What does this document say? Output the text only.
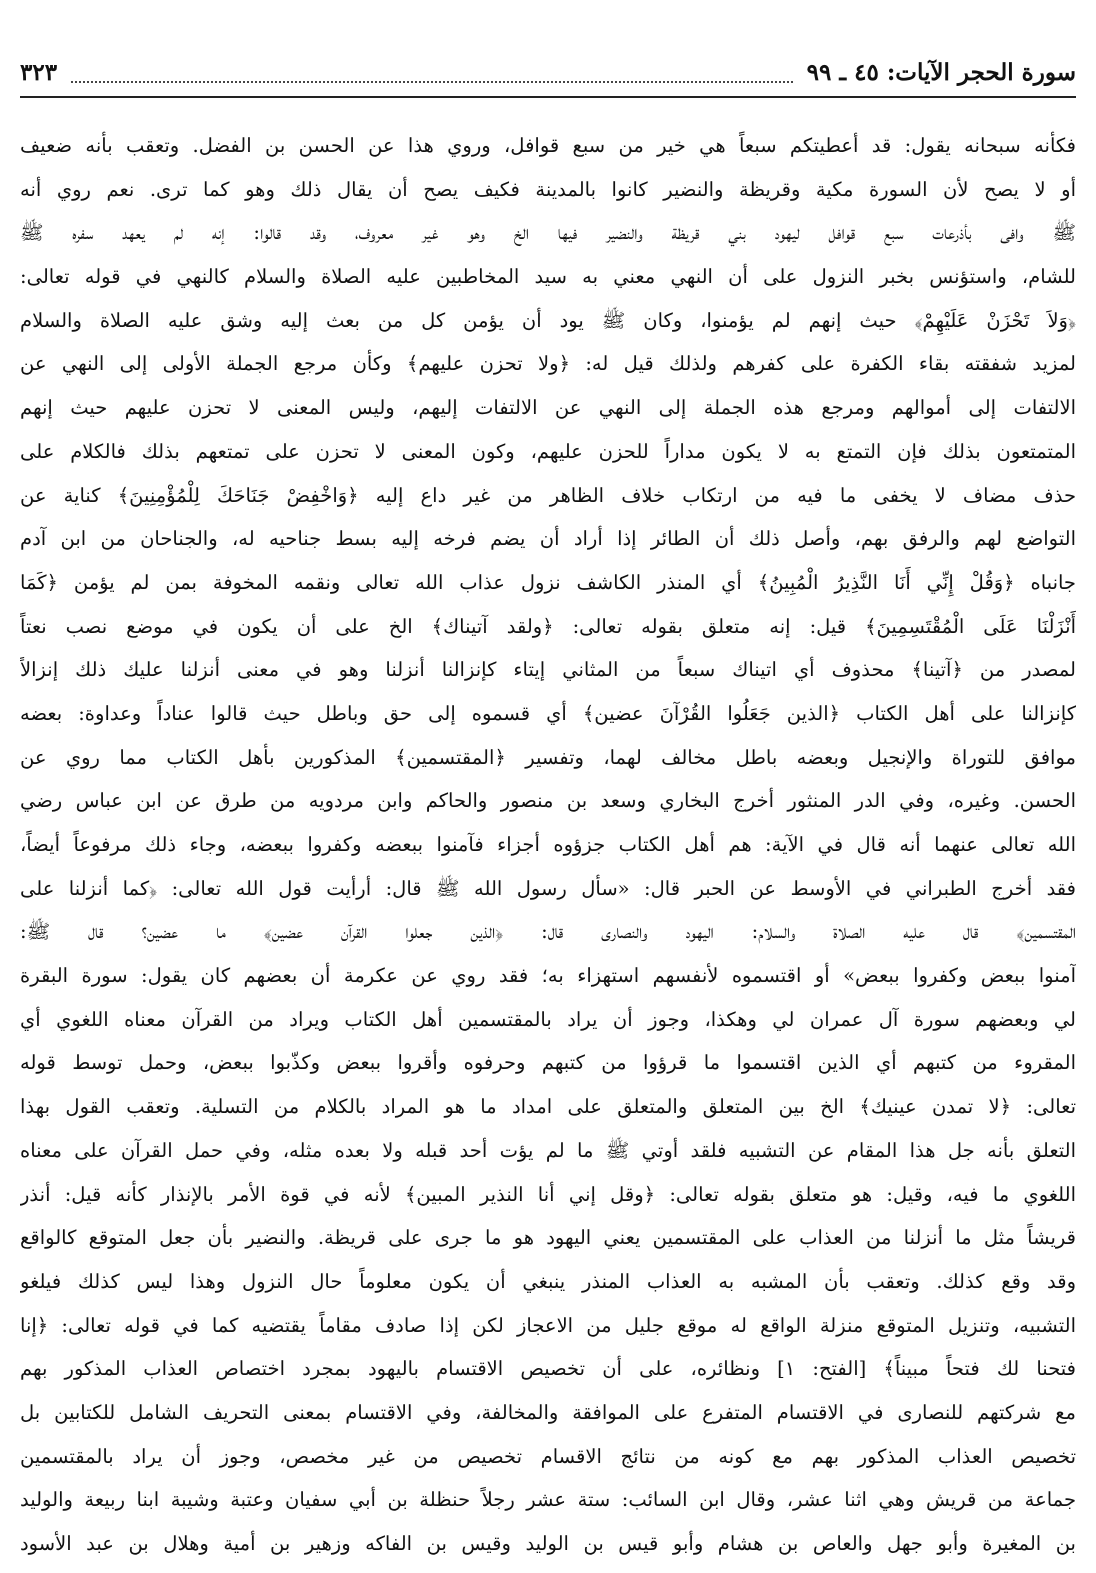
سورة الحجر الآيات: ٤٥ ـ ٩٩
٣٢٣
فكأنه سبحانه يقول: قد أعطيتكم سبعاً هي خير من سبع قوافل، وروي هذا عن الحسن بن الفضل. وتعقب بأنه ضعيف
أو لا يصح لأن السورة مكية وقريظة والنضير كانوا بالمدينة فكيف يصح أن يقال ذلك وهو كما ترى. نعم روي أنه
ﷺ وافى بأذرعات سبع قوافل ليهود بني قريظة والنضير فيها الخ وهو غير معروف، وقد قالوا: إنه لم يعهد سفره ﷺ
للشام، واستؤنس بخبر النزول على أن النهي معني به سيد المخاطبين عليه الصلاة والسلام كالنهي في قوله تعالى:
﴿وَلاَ تَحْزَنْ عَلَيْهِمْ﴾ حيث إنهم لم يؤمنوا، وكان ﷺ يود أن يؤمن كل من بعث إليه وشق عليه الصلاة والسلام
لمزيد شفقته بقاء الكفرة على كفرهم ولذلك قيل له: ﴿ولا تحزن عليهم﴾ وكأن مرجع الجملة الأولى إلى النهي عن
الالتفات إلى أموالهم ومرجع هذه الجملة إلى النهي عن الالتفات إليهم، وليس المعنى لا تحزن عليهم حيث إنهم
المتمتعون بذلك فإن التمتع به لا يكون مداراً للحزن عليهم، وكون المعنى لا تحزن على تمتعهم بذلك فالكلام على
حذف مضاف لا يخفى ما فيه من ارتكاب خلاف الظاهر من غير داع إليه ﴿وَاخْفِضْ جَنَاحَكَ لِلْمُؤْمِنِينَ﴾ كناية عن
التواضع لهم والرفق بهم، وأصل ذلك أن الطائر إذا أراد أن يضم فرخه إليه بسط جناحيه له، والجناحان من ابن آدم
جانباه ﴿وَقُلْ إِنِّي أَنَا النَّذِيرُ الْمُبِينُ﴾ أي المنذر الكاشف نزول عذاب الله تعالى ونقمه المخوفة بمن لم يؤمن ﴿كَمَا
أَنْزَلْنَا عَلَى الْمُقْتَسِمِينَ﴾ قيل: إنه متعلق بقوله تعالى: ﴿ولقد آتيناك﴾ الخ على أن يكون في موضع نصب نعتاً
لمصدر من ﴿آتينا﴾ محذوف أي اتيناك سبعاً من المثاني إيتاء كإنزالنا أنزلنا وهو في معنى أنزلنا عليك ذلك إنزالاً
كإنزالنا على أهل الكتاب ﴿الذين جَعَلُوا القُرْآنَ عضين﴾ أي قسموه إلى حق وباطل حيث قالوا عناداً وعداوة: بعضه
موافق للتوراة والإنجيل وبعضه باطل مخالف لهما، وتفسير ﴿المقتسمين﴾ المذكورين بأهل الكتاب مما روي عن
الحسن. وغيره، وفي الدر المنثور أخرج البخاري وسعد بن منصور والحاكم وابن مردويه من طرق عن ابن عباس رضي
الله تعالى عنهما أنه قال في الآية: هم أهل الكتاب جزؤوه أجزاء فآمنوا ببعضه وكفروا ببعضه، وجاء ذلك مرفوعاً أيضاً،
فقد أخرج الطبراني في الأوسط عن الحبر قال: «سأل رسول الله ﷺ قال: أرأيت قول الله تعالى: ﴿كما أنزلنا على
المقتسمين﴾ قال عليه الصلاة والسلام: اليهود والنصارى قال: ﴿الذين جعلوا القرآن عضين﴾ ما عضين؟ قال ﷺ:
آمنوا ببعض وكفروا ببعض» أو اقتسموه لأنفسهم استهزاء به؛ فقد روي عن عكرمة أن بعضهم كان يقول: سورة البقرة
لي وبعضهم سورة آل عمران لي وهكذا، وجوز أن يراد بالمقتسمين أهل الكتاب ويراد من القرآن معناه اللغوي أي
المقروء من كتبهم أي الذين اقتسموا ما قرؤوا من كتبهم وحرفوه وأقروا ببعض وكذّبوا ببعض، وحمل توسط قوله
تعالى: ﴿لا تمدن عينيك﴾ الخ بين المتعلق والمتعلق على امداد ما هو المراد بالكلام من التسلية. وتعقب القول بهذا
التعلق بأنه جل هذا المقام عن التشبيه فلقد أوتي ﷺ ما لم يؤت أحد قبله ولا بعده مثله، وفي حمل القرآن على معناه
اللغوي ما فيه، وقيل: هو متعلق بقوله تعالى: ﴿وقل إني أنا النذير المبين﴾ لأنه في قوة الأمر بالإنذار كأنه قيل: أنذر
قريشاً مثل ما أنزلنا من العذاب على المقتسمين يعني اليهود هو ما جرى على قريظة. والنضير بأن جعل المتوقع كالواقع
وقد وقع كذلك. وتعقب بأن المشبه به العذاب المنذر ينبغي أن يكون معلوماً حال النزول وهذا ليس كذلك فيلغو
التشبيه، وتنزيل المتوقع منزلة الواقع له موقع جليل من الاعجاز لكن إذا صادف مقاماً يقتضيه كما في قوله تعالى: ﴿إنا
فتحنا لك فتحاً مبيناً﴾ [الفتح: ١] ونظائره، على أن تخصيص الاقتسام باليهود بمجرد اختصاص العذاب المذكور بهم
مع شركتهم للنصارى في الاقتسام المتفرع على الموافقة والمخالفة، وفي الاقتسام بمعنى التحريف الشامل للكتابين بل
تخصيص العذاب المذكور بهم مع كونه من نتائج الاقسام تخصيص من غير مخصص، وجوز أن يراد بالمقتسمين
جماعة من قريش وهي اثنا عشر، وقال ابن السائب: ستة عشر رجلاً حنظلة بن أبي سفيان وعتبة وشيبة ابنا ربيعة والوليد
بن المغيرة وأبو جهل والعاص بن هشام وأبو قيس بن الوليد وقيس بن الفاكه وزهير بن أمية وهلال بن عبد الأسود
